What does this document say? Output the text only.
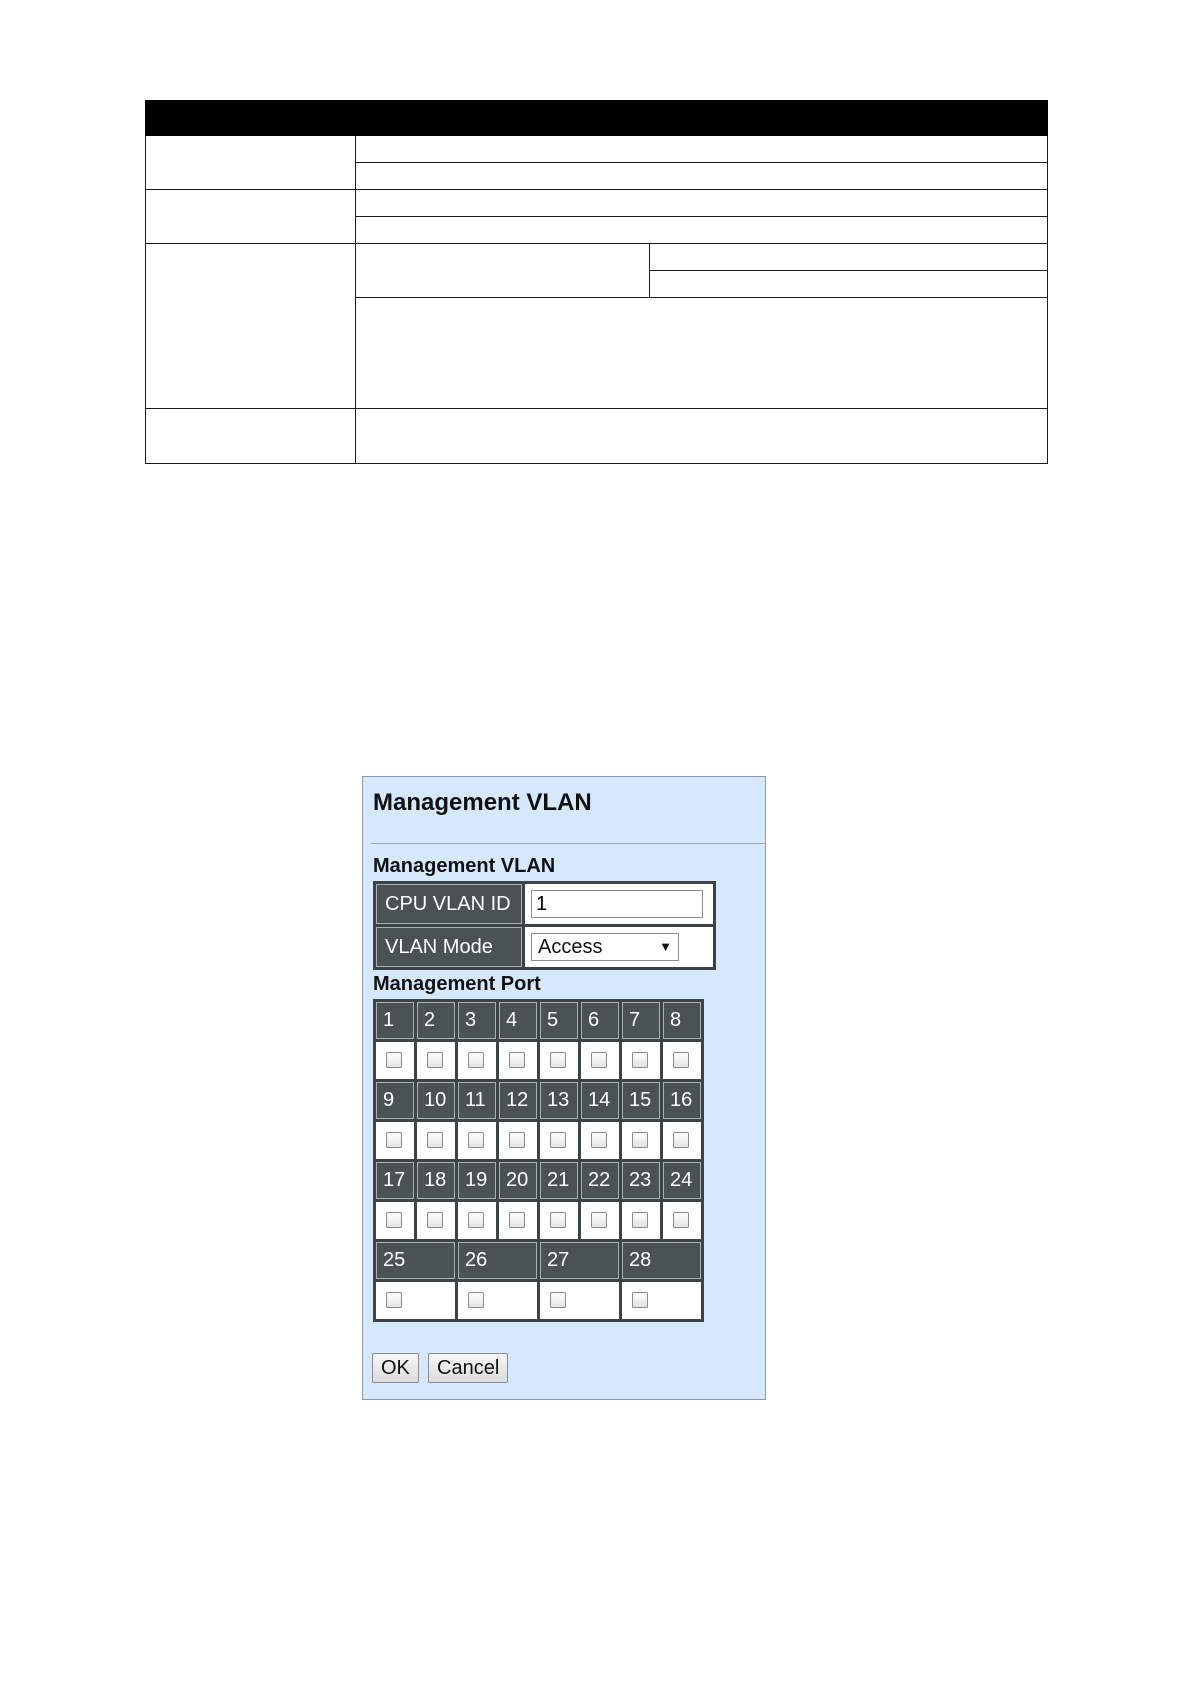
Management VLAN
Management VLAN
CPU VLAN ID	1
VLAN Mode	Access ▼
Management Port
1	2	3	4	5	6	7	8

9	10	11	12	13	14	15	16

17	18	19	20	21	22	23	24

25		26		27		28	

OK	Cancel
